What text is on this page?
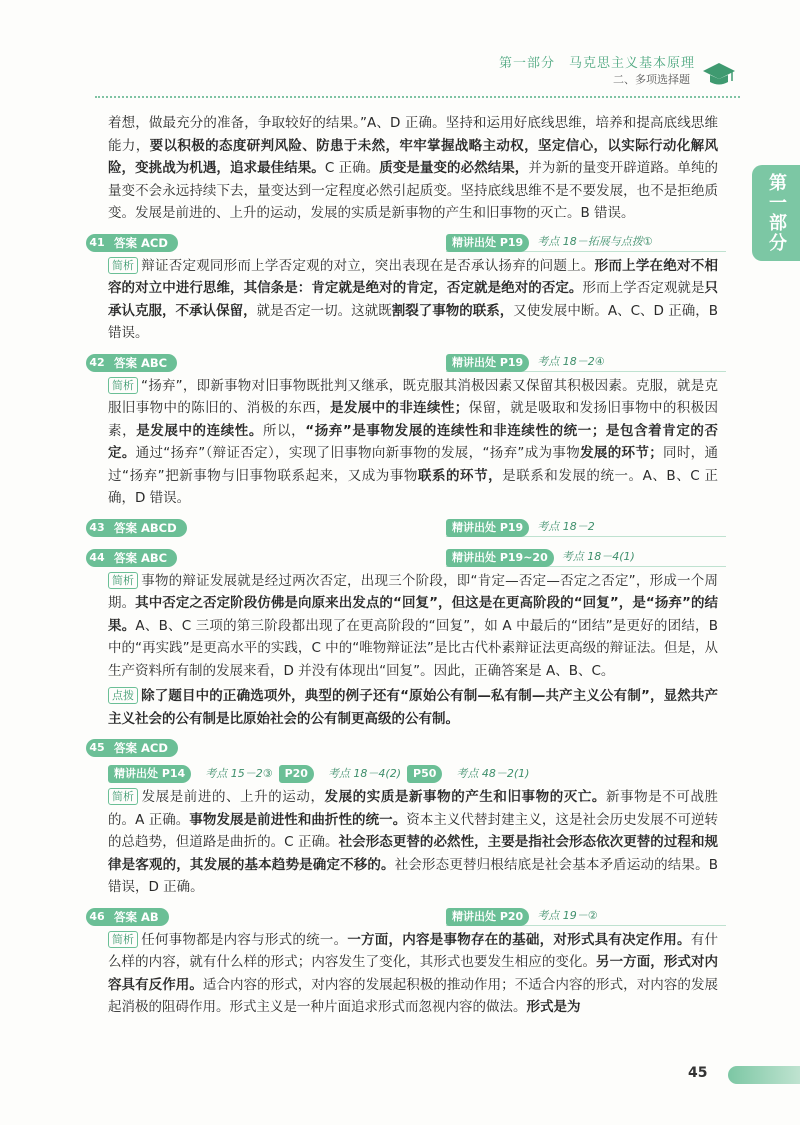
第一部分　马克思主义基本原理
二、多项选择题
第一部分

着想，做最充分的准备，争取较好的结果。”A、D 正确。坚持和运用好底线思维，培养和提高底线思维能力，要以积极的态度研判风险、防患于未然，牢牢掌握战略主动权，坚定信心，以实际行动化解风险，变挑战为机遇，追求最佳结果。C 正确。质变是量变的必然结果，并为新的量变开辟道路。单纯的量变不会永远持续下去，量变达到一定程度必然引起质变。坚持底线思维不是不要发展，也不是拒绝质变。发展是前进的、上升的运动，发展的实质是新事物的产生和旧事物的灭亡。B 错误。

41 答案 ACD	精讲出处 P19	考点 18－拓展与点拨①

简析 辩证否定观同形而上学否定观的对立，突出表现在是否承认扬弃的问题上。形而上学在绝对不相容的对立中进行思维，其信条是：肯定就是绝对的肯定，否定就是绝对的否定。形而上学否定观就是只承认克服，不承认保留，就是否定一切。这就既割裂了事物的联系，又使发展中断。A、C、D 正确，B 错误。

42 答案 ABC	精讲出处 P19	考点 18－2④

简析 “扬弃”，即新事物对旧事物既批判又继承，既克服其消极因素又保留其积极因素。克服，就是克服旧事物中的陈旧的、消极的东西，是发展中的非连续性；保留，就是吸取和发扬旧事物中的积极因素，是发展中的连续性。所以，“扬弃”是事物发展的连续性和非连续性的统一；是包含着肯定的否定。通过“扬弃”（辩证否定），实现了旧事物向新事物的发展，“扬弃”成为事物发展的环节；同时，通过“扬弃”把新事物与旧事物联系起来，又成为事物联系的环节，是联系和发展的统一。A、B、C 正确，D 错误。

43 答案 ABCD	精讲出处 P19	考点 18－2
44 答案 ABC	精讲出处 P19~20	考点 18－4(1)

简析 事物的辩证发展就是经过两次否定，出现三个阶段，即“肯定—否定—否定之否定”，形成一个周期。其中否定之否定阶段仿佛是向原来出发点的“回复”，但这是在更高阶段的“回复”，是“扬弃”的结果。A、B、C 三项的第三阶段都出现了在更高阶段的“回复”，如 A 中最后的“团结”是更好的团结，B 中的“再实践”是更高水平的实践，C 中的“唯物辩证法”是比古代朴素辩证法更高级的辩证法。但是，从生产资料所有制的发展来看，D 并没有体现出“回复”。因此，正确答案是 A、B、C。

点拨 除了题目中的正确选项外，典型的例子还有“原始公有制—私有制—共产主义公有制”，显然共产主义社会的公有制是比原始社会的公有制更高级的公有制。

45 答案 ACD
精讲出处 P14	考点 15－2③	P20	考点 18－4(2)	P50	考点 48－2(1)

简析 发展是前进的、上升的运动，发展的实质是新事物的产生和旧事物的灭亡。新事物是不可战胜的。A 正确。事物发展是前进性和曲折性的统一。资本主义代替封建主义，这是社会历史发展不可逆转的总趋势，但道路是曲折的。C 正确。社会形态更替的必然性，主要是指社会形态依次更替的过程和规律是客观的，其发展的基本趋势是确定不移的。社会形态更替归根结底是社会基本矛盾运动的结果。B 错误，D 正确。

46 答案 AB	精讲出处 P20	考点 19－②

简析 任何事物都是内容与形式的统一。一方面，内容是事物存在的基础，对形式具有决定作用。有什么样的内容，就有什么样的形式；内容发生了变化，其形式也要发生相应的变化。另一方面，形式对内容具有反作用。适合内容的形式，对内容的发展起积极的推动作用；不适合内容的形式，对内容的发展起消极的阻碍作用。形式主义是一种片面追求形式而忽视内容的做法。形式是为

45
